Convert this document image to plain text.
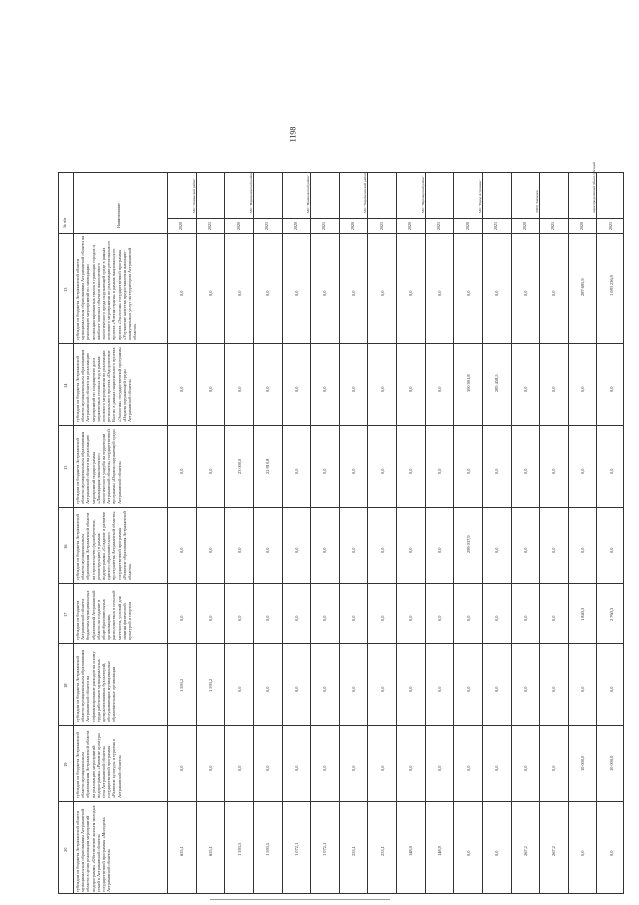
1198
№ п/п	Наименование
МО "Лиманский район"
2020	2021
МО "Наримановский район"
2020	2021
МО "Приволжский район"
2020	2021
МО "Харабалинский район"
2020	2021
МО "Черноярский район"
2020	2021
МО "Город Астрахань"
2020	2021
ЗАТО Знаменск
2020	2021
нераспределенный объем субсидий
2020	2021
13 субсидии из бюджета Астраханской области муниципальным образованиям Астраханской области на реализацию мероприятий по ликвидации несанкционированных свалок в границах городов и наиболее опасных объектов накопленного экологического вреда окружающей среде в рамках основного мероприятия по реализации регионального проекта «Чистая страна» в рамках национального проекта «Экология» государственной программы «Улучшение качества предоставления жилищно-коммунальных услуг на территории Астраханской области»
0,0	0,0	0,0	0,0	0,0	0,0	0,0	0,0	0,0	0,0	0,0	0,0	0,0	0,0	287 695,9	1 083 236,9
14 субсидии из бюджета Астраханской области муниципальным образованиям Астраханской области на реализацию мероприятий по сокращению доли загрязненных сточных вод в рамках основного мероприятия по реализации регионального проекта «Оздоровление Волги» в рамках национального проекта «Экология» государственной программы «Охрана окружающей среды Астраханской области»	0,0	0,0	0,0	0,0	0,0	0,0	0,0	0,0	0,0	0,0	300 901,8	285 458,5	0,0	0,0	0,0	0,0
15 субсидии из бюджета Астраханской области муниципальным образованиям Астраханской области на реализацию мероприятий подпрограммы «Ликвидация накопленного экологического ущерба на территории Астраханской области» государственной программы «Охрана окружающей среды Астраханской области»	0,0	0,0	23 000,0	22 810,8	0,0	0,0	0,0	0,0	0,0	0,0	0,0	0,0	0,0	0,0	0,0	0,0
16 субсидии из бюджета Астраханской области муниципальным образованиям Астраханской области на строительство (приобретение, реконструкцию) в рамках подпрограммы «Создание и развитие единого образовательного пространства Астраханской области» государственной программы «Развитие образования Астраханской области»
0,0	0,0	0,0	0,0	0,0	0,0	0,0	0,0	0,0	0,0	299 037,9	0,0	0,0	0,0	0,0	0,0
17 субсидии из бюджета Астраханской области бюджетам муниципальных образований Астраханской области на создание в общеобразовательных организациях, расположенных в сельской местности, условий для занятия физической культурой и спортом	0,0	0,0	0,0	0,0	0,0	0,0	0,0	0,0	0,0	0,0	0,0	0,0	0,0	0,0	1 840,3	2 760,3
18 субсидии из бюджета Астраханской области муниципальным образованиям Астраханской области на софинансирование расходов на оплату труда работников муниципальных централизованных бухгалтерий, обслуживающих муниципальные образовательные организации	1 593,2	1 593,2	0,0	0,0	0,0	0,0	0,0	0,0	0,0	0,0	0,0	0,0	0,0	0,0	0,0	0,0
19 субсидии из бюджета Астраханской области муниципальным образованиям Астраханской области на реализацию мероприятий подпрограммы «Развитие культуры села Астраханской области» государственной программы «Развитие культуры и туризма в Астраханской области»	0,0	0,0	0,0	0,0	0,0	0,0	0,0	0,0	0,0	0,0	0,0	0,0	0,0	0,0	10 000,0	10 000,0
20 субсидии из бюджета Астраханской области муниципальным образованиям Астраханской области в целях реализации мероприятий подпрограммы «Обеспечение жильем молодых семей в Астраханской области» государственной программы «Молодежь Астраханской области»	655,1	655,1	1 593,5	1 593,5	1 072,1	1 072,1	253,1	253,1	148,9	148,9	0,0	0,0	267,2	267,2	0,0	0,0
